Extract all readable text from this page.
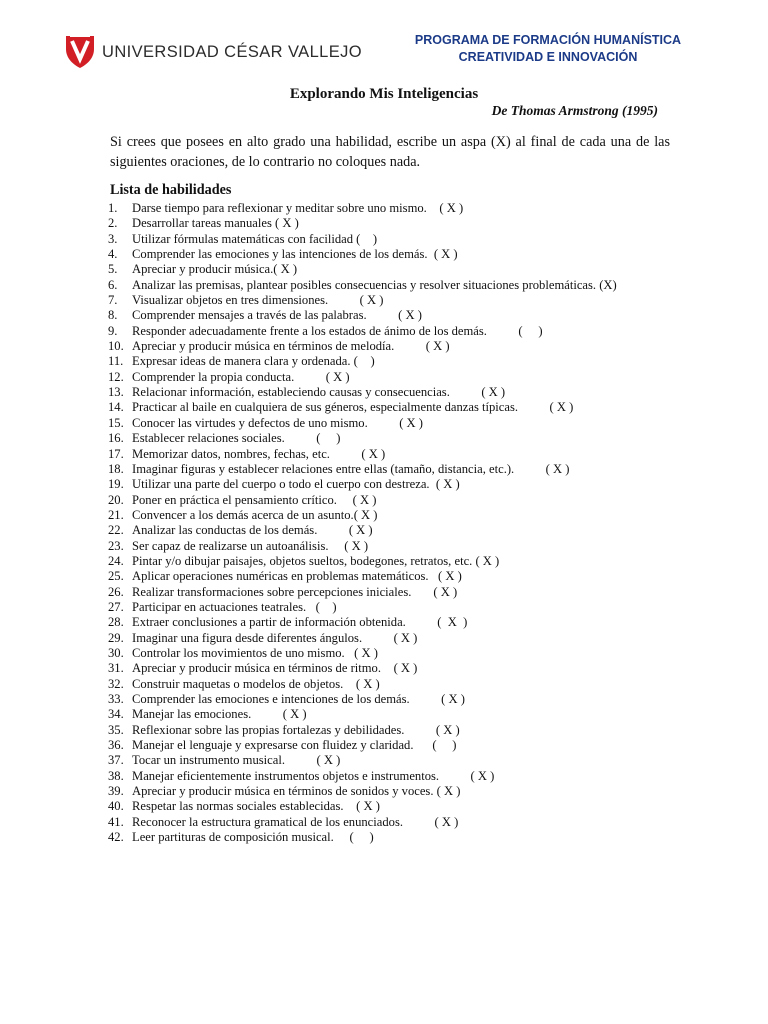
UNIVERSIDAD CÉSAR VALLEJO
PROGRAMA DE FORMACIÓN HUMANÍSTICA
CREATIVIDAD E INNOVACIÓN
Explorando Mis Inteligencias
De Thomas Armstrong (1995)
Si crees que posees en alto grado una habilidad, escribe un aspa (X) al final de cada una de las siguientes oraciones, de lo contrario no coloques nada.
Lista de habilidades
1. Darse tiempo para reflexionar y meditar sobre uno mismo.    ( X )
2. Desarrollar tareas manuales ( X )
3. Utilizar fórmulas matemáticas con facilidad (    )
4. Comprender las emociones y las intenciones de los demás.  ( X )
5. Apreciar y producir música.( X )
6. Analizar las premisas, plantear posibles consecuencias y resolver situaciones problemáticas. (X)
7. Visualizar objetos en tres dimensiones.          ( X )
8. Comprender mensajes a través de las palabras.          ( X )
9. Responder adecuadamente frente a los estados de ánimo de los demás.          (     )
10. Apreciar y producir música en términos de melodía.          ( X )
11. Expresar ideas de manera clara y ordenada. (    )
12. Comprender la propia conducta.          ( X )
13. Relacionar información, estableciendo causas y consecuencias.          ( X )
14. Practicar al baile en cualquiera de sus géneros, especialmente danzas típicas.          ( X )
15. Conocer las virtudes y defectos de uno mismo.          ( X )
16. Establecer relaciones sociales.          (     )
17. Memorizar datos, nombres, fechas, etc.          ( X )
18. Imaginar figuras y establecer relaciones entre ellas (tamaño, distancia, etc.).          ( X )
19. Utilizar una parte del cuerpo o todo el cuerpo con destreza.  ( X )
20. Poner en práctica el pensamiento crítico.     ( X )
21. Convencer a los demás acerca de un asunto.( X )
22. Analizar las conductas de los demás.          ( X )
23. Ser capaz de realizarse un autoanálisis.     ( X )
24. Pintar y/o dibujar paisajes, objetos sueltos, bodegones, retratos, etc. ( X )
25. Aplicar operaciones numéricas en problemas matemáticos.   ( X )
26. Realizar transformaciones sobre percepciones iniciales.       ( X )
27. Participar en actuaciones teatrales.   (    )
28. Extraer conclusiones a partir de información obtenida.          (  X  )
29. Imaginar una figura desde diferentes ángulos.          ( X )
30. Controlar los movimientos de uno mismo.   ( X )
31. Apreciar y producir música en términos de ritmo.    ( X )
32. Construir maquetas o modelos de objetos.    ( X )
33. Comprender las emociones e intenciones de los demás.          ( X )
34. Manejar las emociones.          ( X )
35. Reflexionar sobre las propias fortalezas y debilidades.          ( X )
36. Manejar el lenguaje y expresarse con fluidez y claridad.      (     )
37. Tocar un instrumento musical.          ( X )
38. Manejar eficientemente instrumentos objetos e instrumentos.          ( X )
39. Apreciar y producir música en términos de sonidos y voces. ( X )
40. Respetar las normas sociales establecidas.    ( X )
41. Reconocer la estructura gramatical de los enunciados.          ( X )
42. Leer partituras de composición musical.     (     )
